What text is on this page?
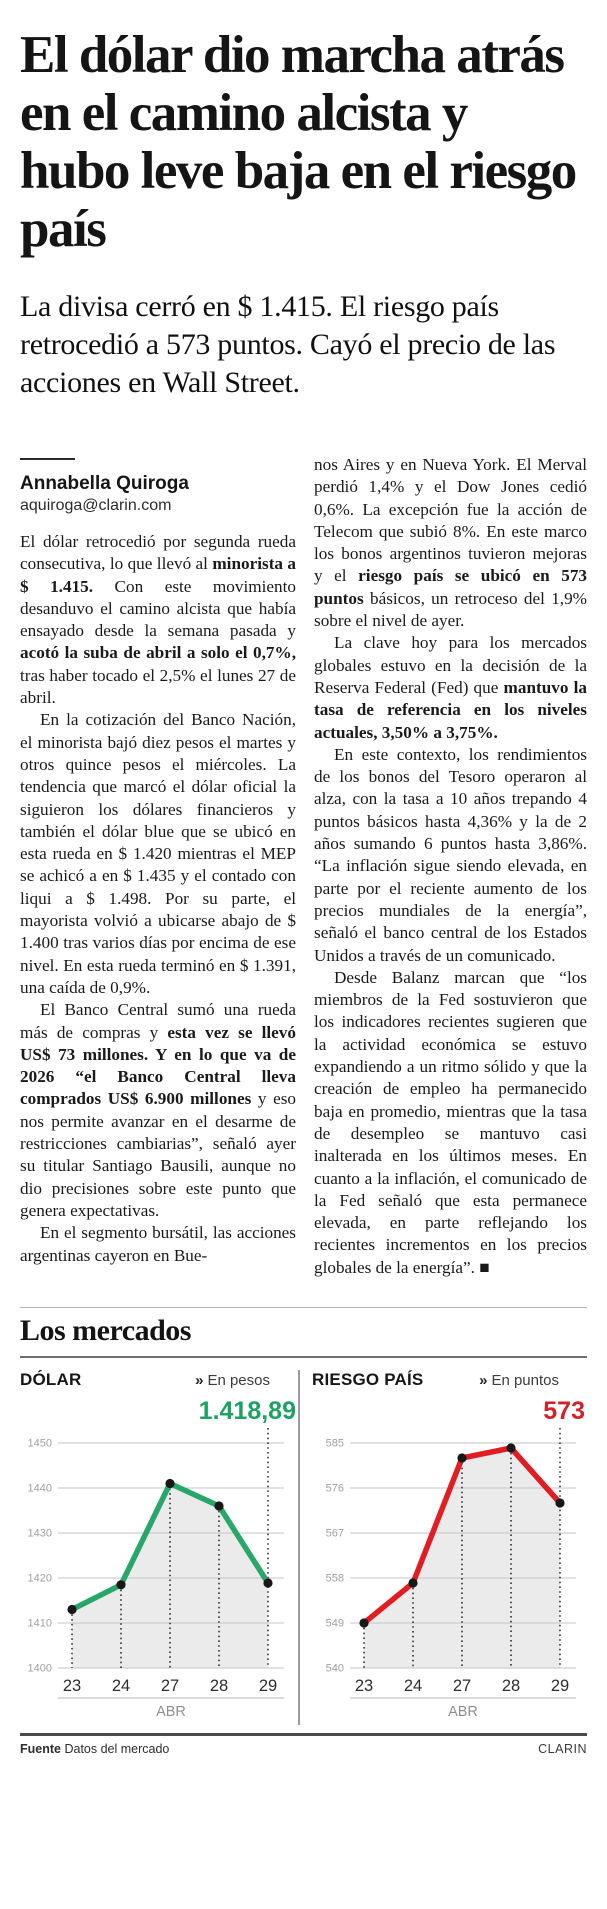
El dólar dio marcha atrás en el camino alcista y hubo leve baja en el riesgo país
La divisa cerró en $ 1.415. El riesgo país retrocedió a 573 puntos. Cayó el precio de las acciones en Wall Street.
Annabella Quiroga
aquiroga@clarin.com

El dólar retrocedió por segunda rueda consecutiva, lo que llevó al minorista a $ 1.415. Con este movimiento desanduvo el camino alcista que había ensayado desde la semana pasada y acotó la suba de abril a solo el 0,7%, tras haber tocado el 2,5% el lunes 27 de abril.

En la cotización del Banco Nación, el minorista bajó diez pesos el martes y otros quince pesos el miércoles. La tendencia que marcó el dólar oficial la siguieron los dólares financieros y también el dólar blue que se ubicó en esta rueda en $ 1.420 mientras el MEP se achicó a en $ 1.435 y el contado con liqui a $ 1.498. Por su parte, el mayorista volvió a ubicarse abajo de $ 1.400 tras varios días por encima de ese nivel. En esta rueda terminó en $ 1.391, una caída de 0,9%.

El Banco Central sumó una rueda más de compras y esta vez se llevó US$ 73 millones. Y en lo que va de 2026 “el Banco Central lleva comprados US$ 6.900 millones y eso nos permite avanzar en el desarme de restricciones cambiarias”, señaló ayer su titular Santiago Bausili, aunque no dio precisiones sobre este punto que genera expectativas.

En el segmento bursátil, las acciones argentinas cayeron en Bue-

nos Aires y en Nueva York. El Merval perdió 1,4% y el Dow Jones cedió 0,6%. La excepción fue la acción de Telecom que subió 8%. En este marco los bonos argentinos tuvieron mejoras y el riesgo país se ubicó en 573 puntos básicos, un retroceso del 1,9% sobre el nivel de ayer.

La clave hoy para los mercados globales estuvo en la decisión de la Reserva Federal (Fed) que mantuvo la tasa de referencia en los niveles actuales, 3,50% a 3,75%.

En este contexto, los rendimientos de los bonos del Tesoro operaron al alza, con la tasa a 10 años trepando 4 puntos básicos hasta 4,36% y la de 2 años sumando 6 puntos hasta 3,86%. “La inflación sigue siendo elevada, en parte por el reciente aumento de los precios mundiales de la energía”, señaló el banco central de los Estados Unidos a través de un comunicado.

Desde Balanz marcan que “los miembros de la Fed sostuvieron que los indicadores recientes sugieren que la actividad económica se estuvo expandiendo a un ritmo sólido y que la creación de empleo ha permanecido baja en promedio, mientras que la tasa de desempleo se mantuvo casi inalterada en los últimos meses. En cuanto a la inflación, el comunicado de la Fed señaló que esta permanece elevada, en parte reflejando los recientes incrementos en los precios globales de la energía”. ■

Los mercados
DÓLAR	» En pesos
1.418,89
1400
1410
1420
1430
1440
1450
23 24 27 28 29
ABR
RIESGO PAÍS	» En puntos
573
540
549
558
567
576
585
23 24 27 28 29
ABR
Fuente Datos del mercado	CLARIN
